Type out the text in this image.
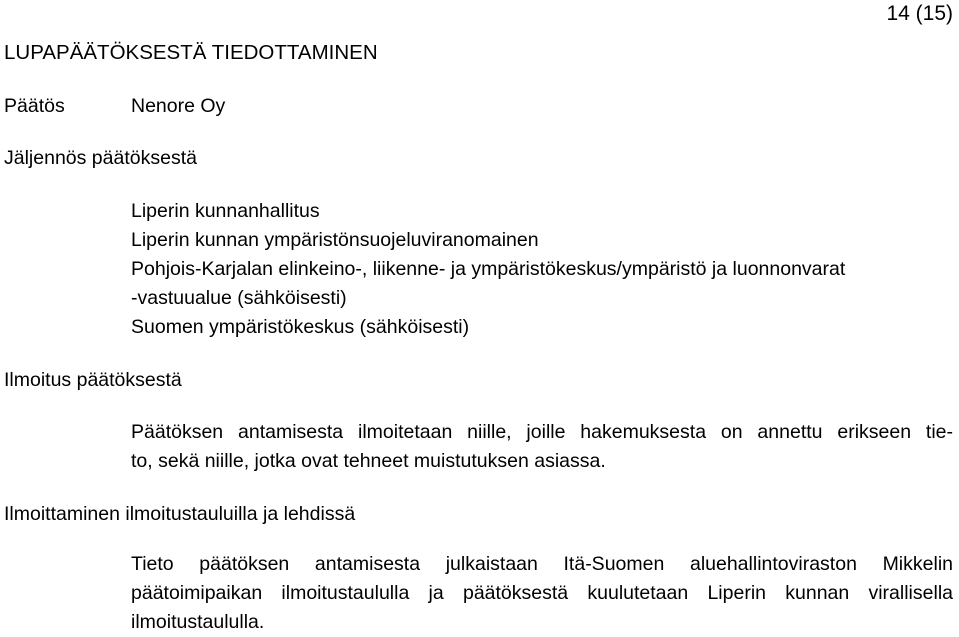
14 (15)
LUPAPÄÄTÖKSESTÄ TIEDOTTAMINEN
Päätös	Nenore Oy
Jäljennös päätöksestä
Liperin kunnanhallitus
Liperin kunnan ympäristönsuojeluviranomainen
Pohjois-Karjalan elinkeino-, liikenne- ja ympäristökeskus/ympäristö ja luonnonvarat
-vastuualue (sähköisesti)
Suomen ympäristökeskus (sähköisesti)
Ilmoitus päätöksestä
Päätöksen antamisesta ilmoitetaan niille, joille hakemuksesta on annettu erikseen tie-
to, sekä niille, jotka ovat tehneet muistutuksen asiassa.
Ilmoittaminen ilmoitustauluilla ja lehdissä
Tieto päätöksen antamisesta julkaistaan Itä-Suomen aluehallintoviraston Mikkelin
päätoimipaikan ilmoitustaululla ja päätöksestä kuulutetaan Liperin kunnan virallisella
ilmoitustaululla.
